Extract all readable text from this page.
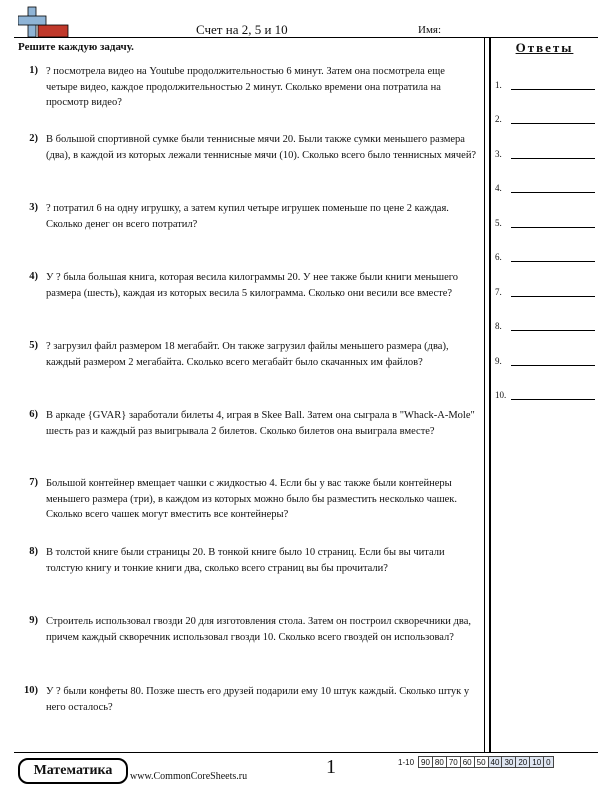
Счет на 2, 5 и 10	Имя:
Решите каждую задачу.	Ответы
1.
2.
3.
4.
5.
6.
7.
8.
9.
10.
1) ? посмотрела видео на Youtube продолжительностью 6 минут. Затем она посмотрела еще четыре видео, каждое продолжительностью 2 минут. Сколько времени она потратила на просмотр видео?
2) В большой спортивной сумке были теннисные мячи 20. Были также сумки меньшего размера (два), в каждой из которых лежали теннисные мячи (10). Сколько всего было теннисных мячей?
3) ? потратил 6 на одну игрушку, а затем купил четыре игрушек поменьше по цене 2 каждая. Сколько денег он всего потратил?
4) У ? была большая книга, которая весила килограммы 20. У нее также были книги меньшего размера (шесть), каждая из которых весила 5 килограмма. Сколько они весили все вместе?
5) ? загрузил файл размером 18 мегабайт. Он также загрузил файлы меньшего размера (два), каждый размером 2 мегабайта. Сколько всего мегабайт было скачанных им файлов?
6) В аркаде {GVAR} заработали билеты 4, играя в Skee Ball. Затем она сыграла в "Whack-A-Mole" шесть раз и каждый раз выигрывала 2 билетов. Сколько билетов она выиграла вместе?
7) Большой контейнер вмещает чашки с жидкостью 4. Если бы у вас также были контейнеры меньшего размера (три), в каждом из которых можно было бы разместить несколько чашек. Сколько всего чашек могут вместить все контейнеры?
8) В толстой книге были страницы 20. В тонкой книге было 10 страниц. Если бы вы читали толстую книгу и тонкие книги два, сколько всего страниц вы бы прочитали?
9) Строитель использовал гвозди 20 для изготовления стола. Затем он построил скворечники два, причем каждый скворечник использовал гвозди 10. Сколько всего гвоздей он использовал?
10) У ? были конфеты 80. Позже шесть его друзей подарили ему 10 штук каждый. Сколько штук у него осталось?
Математика	www.CommonCoreSheets.ru	1	1-10	90	80	70	60	50	40	30	20	10	0
